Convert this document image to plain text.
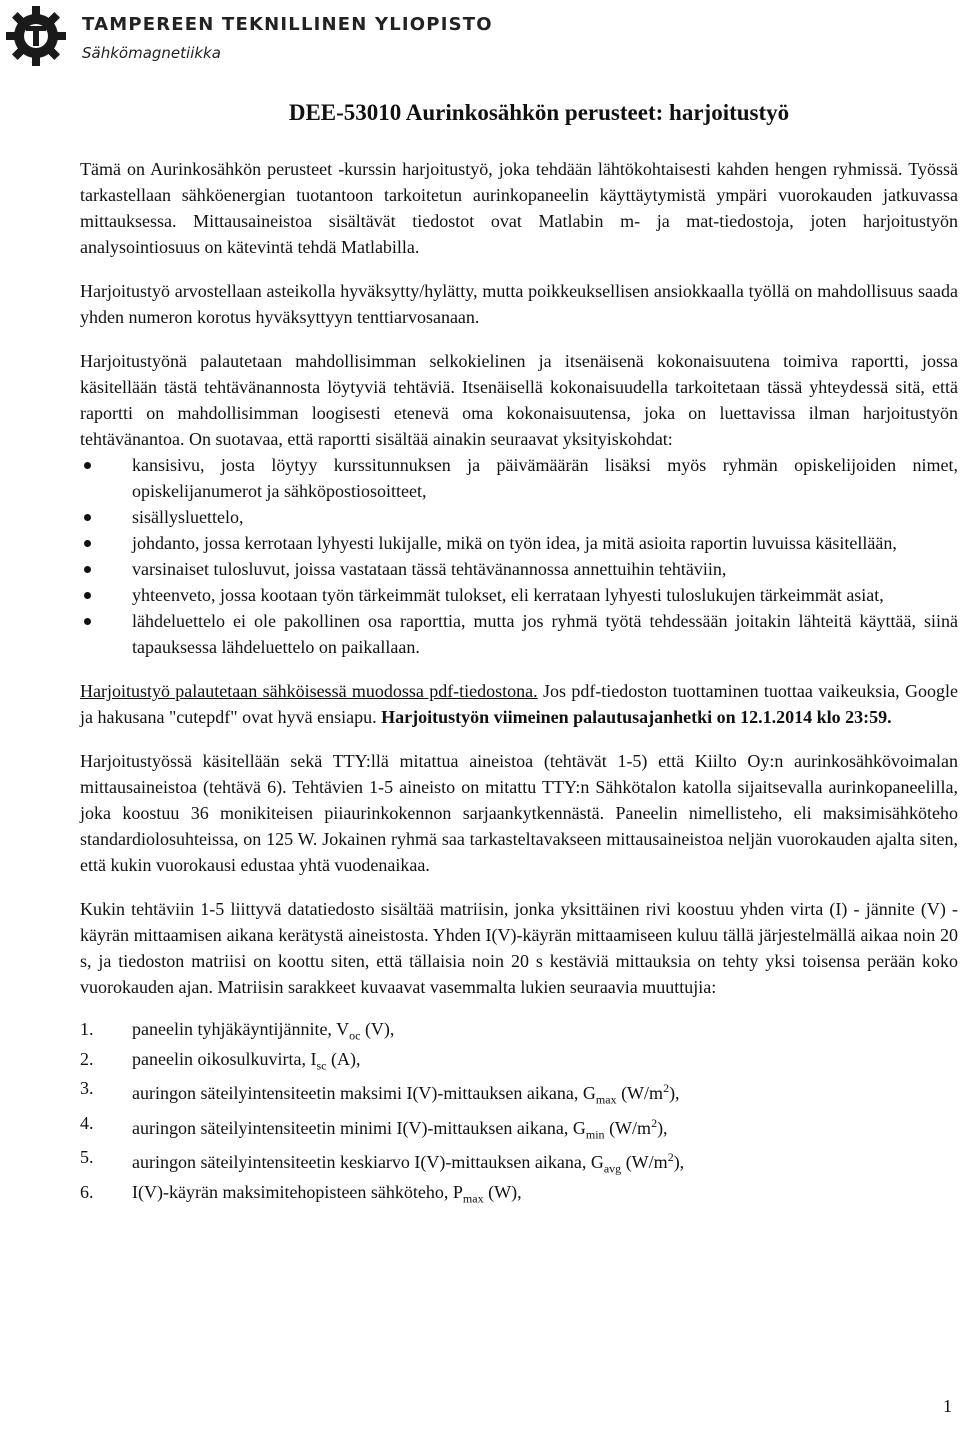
TAMPEREEN TEKNILLINEN YLIOPISTO
Sähkömagnetiikka
DEE-53010 Aurinkosähkön perusteet: harjoitustyö

Tämä on Aurinkosähkön perusteet -kurssin harjoitustyö, joka tehdään lähtökohtaisesti kahden hengen ryhmissä. Työssä tarkastellaan sähköenergian tuotantoon tarkoitetun aurinkopaneelin käyttäytymistä ympäri vuorokauden jatkuvassa mittauksessa. Mittausaineistoa sisältävät tiedostot ovat Matlabin m- ja mat-tiedostoja, joten harjoitustyön analysointiosuus on kätevintä tehdä Matlabilla.

Harjoitustyö arvostellaan asteikolla hyväksytty/hylätty, mutta poikkeuksellisen ansiokkaalla työllä on mahdollisuus saada yhden numeron korotus hyväksyttyyn tenttiarvosanaan.

Harjoitustyönä palautetaan mahdollisimman selkokielinen ja itsenäisenä kokonaisuutena toimiva raportti, jossa käsitellään tästä tehtävänannosta löytyviä tehtäviä. Itsenäisellä kokonaisuudella tarkoitetaan tässä yhteydessä sitä, että raportti on mahdollisimman loogisesti etenevä oma kokonaisuutensa, joka on luettavissa ilman harjoitustyön tehtävänantoa. On suotavaa, että raportti sisältää ainakin seuraavat yksityiskohdat:

kansisivu, josta löytyy kurssitunnuksen ja päivämäärän lisäksi myös ryhmän opiskelijoiden nimet, opiskelijanumerot ja sähköpostiosoitteet,
sisällysluettelo,
johdanto, jossa kerrotaan lyhyesti lukijalle, mikä on työn idea, ja mitä asioita raportin luvuissa käsitellään,
varsinaiset tulosluvut, joissa vastataan tässä tehtävänannossa annettuihin tehtäviin,
yhteenveto, jossa kootaan työn tärkeimmät tulokset, eli kerrataan lyhyesti tuloslukujen tärkeimmät asiat,
lähdeluettelo ei ole pakollinen osa raporttia, mutta jos ryhmä työtä tehdessään joitakin lähteitä käyttää, siinä tapauksessa lähdeluettelo on paikallaan.

Harjoitustyö palautetaan sähköisessä muodossa pdf-tiedostona. Jos pdf-tiedoston tuottaminen tuottaa vaikeuksia, Google ja hakusana "cutepdf" ovat hyvä ensiapu. Harjoitustyön viimeinen palautusajanhetki on 12.1.2014 klo 23:59.

Harjoitustyössä käsitellään sekä TTY:llä mitattua aineistoa (tehtävät 1-5) että Kiilto Oy:n aurinkosähkövoimalan mittausaineistoa (tehtävä 6). Tehtävien 1-5 aineisto on mitattu TTY:n Sähkötalon katolla sijaitsevalla aurinkopaneelilla, joka koostuu 36 monikiteisen piiaurinkokennon sarjaankytkennästä. Paneelin nimellisteho, eli maksimisähköteho standardiolosuhteissa, on 125 W. Jokainen ryhmä saa tarkasteltavakseen mittausaineistoa neljän vuorokauden ajalta siten, että kukin vuorokausi edustaa yhtä vuodenaikaa.

Kukin tehtäviin 1-5 liittyvä datatiedosto sisältää matriisin, jonka yksittäinen rivi koostuu yhden virta (I) - jännite (V) -käyrän mittaamisen aikana kerätystä aineistosta. Yhden I(V)-käyrän mittaamiseen kuluu tällä järjestelmällä aikaa noin 20 s, ja tiedoston matriisi on koottu siten, että tällaisia noin 20 s kestäviä mittauksia on tehty yksi toisensa perään koko vuorokauden ajan. Matriisin sarakkeet kuvaavat vasemmalta lukien seuraavia muuttujia:

1. paneelin tyhjäkäyntijännite, $V_{oc}$ (V),
2. paneelin oikosulkuvirta, $I_{sc}$ (A),
3. auringon säteilyintensiteetin maksimi I(V)-mittauksen aikana, $G_{max}$ $(W/m^2)$,
4. auringon säteilyintensiteetin minimi I(V)-mittauksen aikana, $G_{min}$ $(W/m^2)$,
5. auringon säteilyintensiteetin keskiarvo I(V)-mittauksen aikana, $G_{avg}$ $(W/m^2)$,
6. I(V)-käyrän maksimitehopisteen sähköteho, $P_{max}$ (W),
1
